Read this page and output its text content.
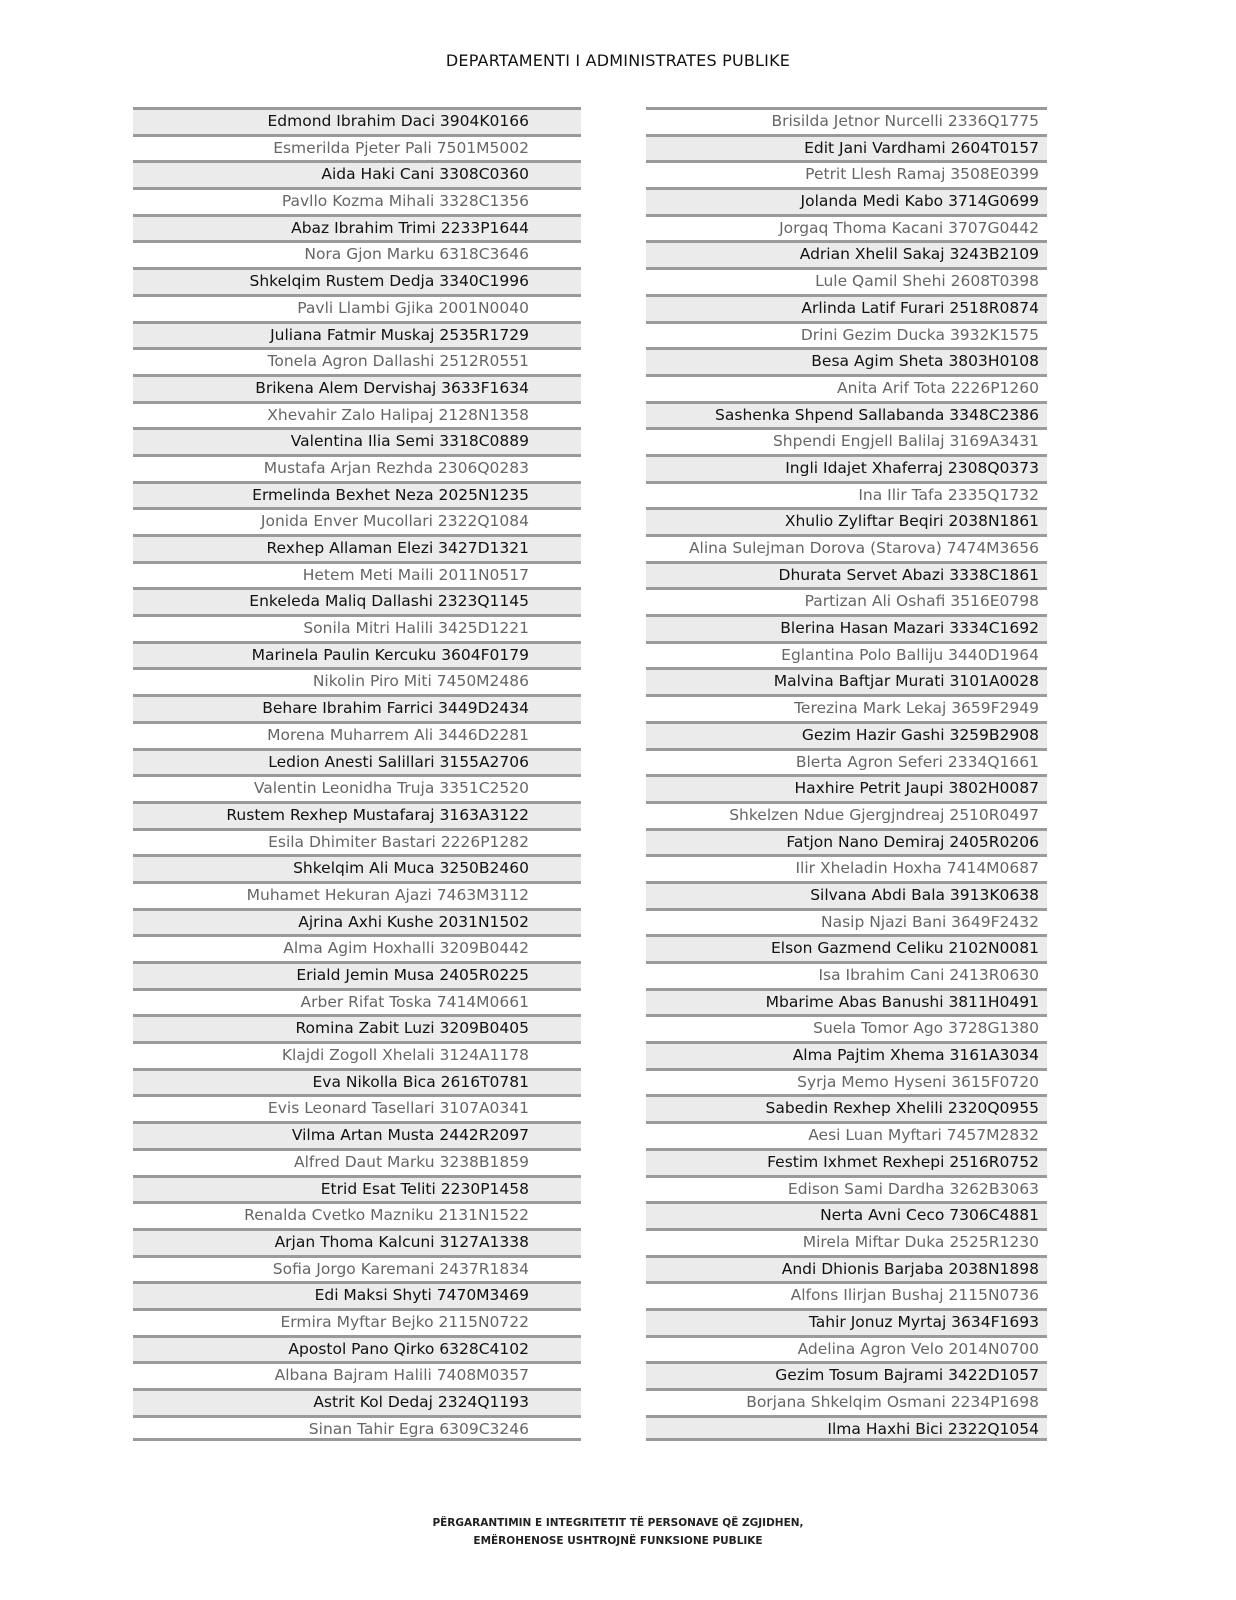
DEPARTAMENTI I ADMINISTRATES PUBLIKE
Edmond Ibrahim Daci 3904K0166
Esmerilda Pjeter Pali 7501M5002
Aida Haki Cani 3308C0360
Pavllo Kozma Mihali 3328C1356
Abaz Ibrahim Trimi 2233P1644
Nora Gjon Marku 6318C3646
Shkelqim Rustem Dedja 3340C1996
Pavli Llambi Gjika 2001N0040
Juliana Fatmir Muskaj 2535R1729
Tonela Agron Dallashi 2512R0551
Brikena Alem Dervishaj 3633F1634
Xhevahir Zalo Halipaj 2128N1358
Valentina Ilia Semi 3318C0889
Mustafa Arjan Rezhda 2306Q0283
Ermelinda Bexhet Neza 2025N1235
Jonida Enver Mucollari 2322Q1084
Rexhep Allaman Elezi 3427D1321
Hetem Meti Maili 2011N0517
Enkeleda Maliq Dallashi 2323Q1145
Sonila Mitri Halili 3425D1221
Marinela Paulin Kercuku 3604F0179
Nikolin Piro Miti 7450M2486
Behare Ibrahim Farrici 3449D2434
Morena Muharrem Ali 3446D2281
Ledion Anesti Salillari 3155A2706
Valentin Leonidha Truja 3351C2520
Rustem Rexhep Mustafaraj 3163A3122
Esila Dhimiter Bastari 2226P1282
Shkelqim Ali Muca 3250B2460
Muhamet Hekuran Ajazi 7463M3112
Ajrina Axhi Kushe 2031N1502
Alma Agim Hoxhalli 3209B0442
Eriald Jemin Musa 2405R0225
Arber Rifat Toska 7414M0661
Romina Zabit Luzi 3209B0405
Klajdi Zogoll Xhelali 3124A1178
Eva Nikolla Bica 2616T0781
Evis Leonard Tasellari 3107A0341
Vilma Artan Musta 2442R2097
Alfred Daut Marku 3238B1859
Etrid Esat Teliti 2230P1458
Renalda Cvetko Mazniku 2131N1522
Arjan Thoma Kalcuni 3127A1338
Sofia Jorgo Karemani 2437R1834
Edi Maksi Shyti 7470M3469
Ermira Myftar Bejko 2115N0722
Apostol Pano Qirko 6328C4102
Albana Bajram Halili 7408M0357
Astrit Kol Dedaj 2324Q1193
Sinan Tahir Egra 6309C3246
Brisilda Jetnor Nurcelli 2336Q1775
Edit Jani Vardhami 2604T0157
Petrit Llesh Ramaj 3508E0399
Jolanda Medi Kabo 3714G0699
Jorgaq Thoma Kacani 3707G0442
Adrian Xhelil Sakaj 3243B2109
Lule Qamil Shehi 2608T0398
Arlinda Latif Furari 2518R0874
Drini Gezim Ducka 3932K1575
Besa Agim Sheta 3803H0108
Anita Arif Tota 2226P1260
Sashenka Shpend Sallabanda 3348C2386
Shpendi Engjell Balilaj 3169A3431
Ingli Idajet Xhaferraj 2308Q0373
Ina Ilir Tafa 2335Q1732
Xhulio Zyliftar Beqiri 2038N1861
Alina Sulejman Dorova (Starova) 7474M3656
Dhurata Servet Abazi 3338C1861
Partizan Ali Oshafi 3516E0798
Blerina Hasan Mazari 3334C1692
Eglantina Polo Balliju 3440D1964
Malvina Baftjar Murati 3101A0028
Terezina Mark Lekaj 3659F2949
Gezim Hazir Gashi 3259B2908
Blerta Agron Seferi 2334Q1661
Haxhire Petrit Jaupi 3802H0087
Shkelzen Ndue Gjergjndreaj 2510R0497
Fatjon Nano Demiraj 2405R0206
Ilir Xheladin Hoxha 7414M0687
Silvana Abdi Bala 3913K0638
Nasip Njazi Bani 3649F2432
Elson Gazmend Celiku 2102N0081
Isa Ibrahim Cani 2413R0630
Mbarime Abas Banushi 3811H0491
Suela Tomor Ago 3728G1380
Alma Pajtim Xhema 3161A3034
Syrja Memo Hyseni 3615F0720
Sabedin Rexhep Xhelili 2320Q0955
Aesi Luan Myftari 7457M2832
Festim Ixhmet Rexhepi 2516R0752
Edison Sami Dardha 3262B3063
Nerta Avni Ceco 7306C4881
Mirela Miftar Duka 2525R1230
Andi Dhionis Barjaba 2038N1898
Alfons Ilirjan Bushaj 2115N0736
Tahir Jonuz Myrtaj 3634F1693
Adelina Agron Velo 2014N0700
Gezim Tosum Bajrami 3422D1057
Borjana Shkelqim Osmani 2234P1698
Ilma Haxhi Bici 2322Q1054
PËRGARANTIMIN E INTEGRITETIT TË PERSONAVE QË ZGJIDHEN,
EMËROHENOSE USHTROJNË FUNKSIONE PUBLIKE
